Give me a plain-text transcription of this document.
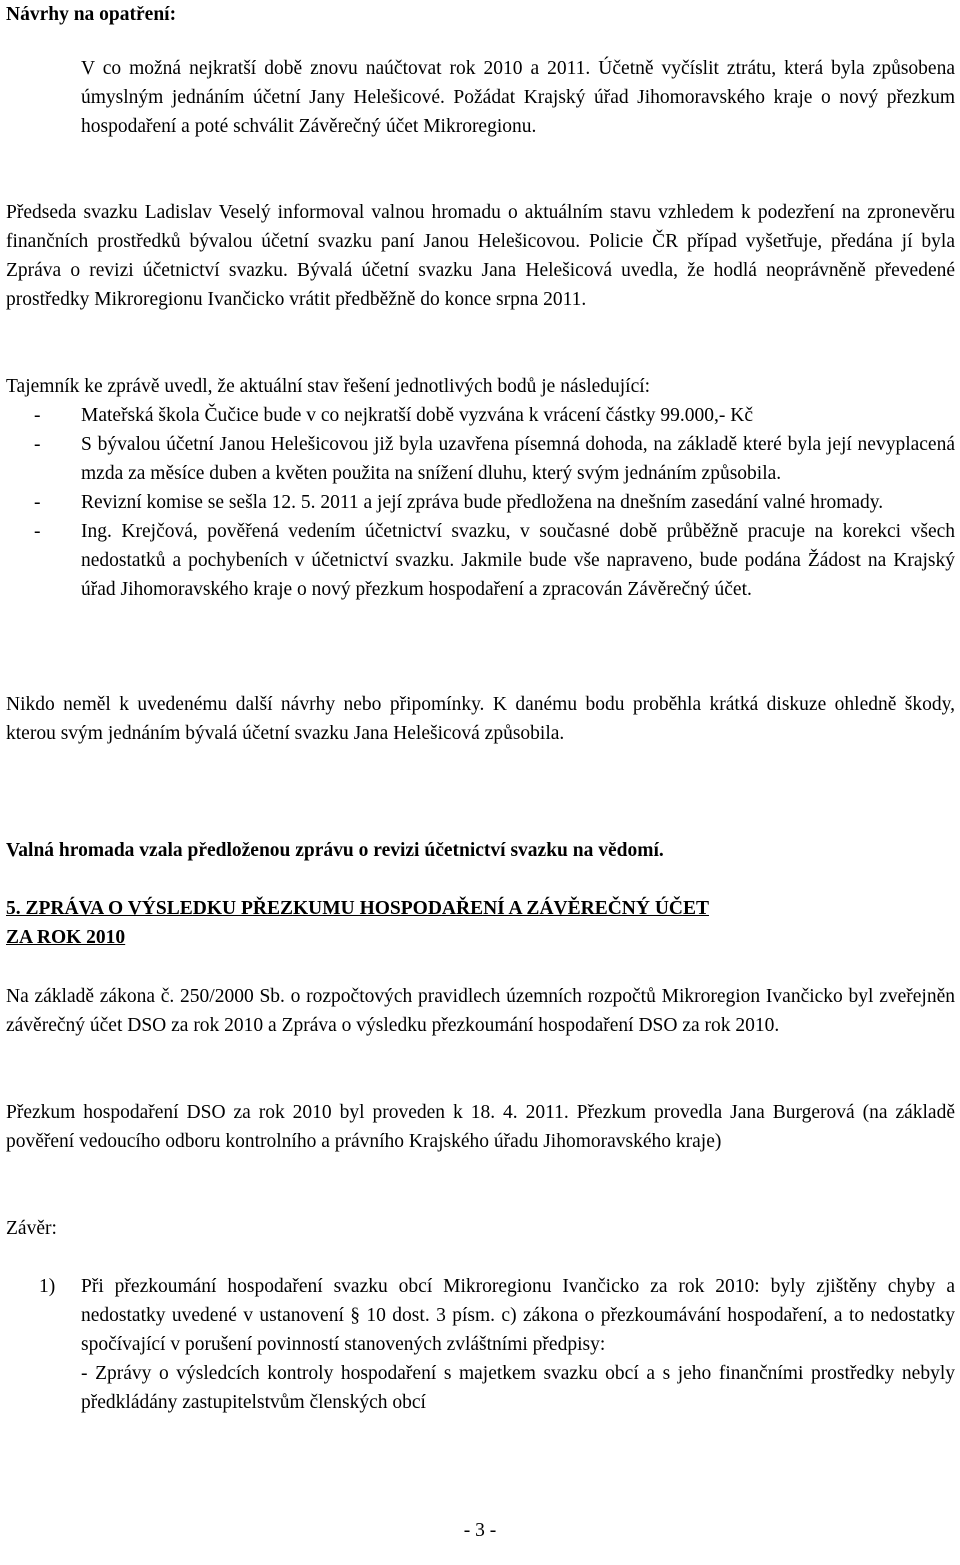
Návrhy na opatření:
V co možná nejkratší době znovu naúčtovat rok 2010 a 2011. Účetně vyčíslit ztrátu, která byla způsobena úmyslným jednáním účetní Jany Helešicové. Požádat Krajský úřad Jihomoravského kraje o nový přezkum hospodaření a poté schválit Závěrečný účet Mikroregionu.
Předseda svazku Ladislav Veselý informoval valnou hromadu o aktuálním stavu vzhledem k podezření na zpronevěru finančních prostředků bývalou účetní svazku paní Janou Helešicovou. Policie ČR případ vyšetřuje, předána jí byla Zpráva o revizi účetnictví svazku. Bývalá účetní svazku Jana Helešicová uvedla, že hodlá neoprávněně převedené prostředky Mikroregionu Ivančicko vrátit předběžně do konce srpna 2011.

Tajemník ke zprávě uvedl, že aktuální stav řešení jednotlivých bodů je následující:

- Mateřská škola Čučice bude v co nejkratší době vyzvána k vrácení částky 99.000,- Kč
- S bývalou účetní Janou Helešicovou již byla uzavřena písemná dohoda, na základě které byla její nevyplacená mzda za měsíce duben a květen použita na snížení dluhu, který svým jednáním způsobila.
- Revizní komise se sešla 12. 5. 2011 a její zpráva bude předložena na dnešním zasedání valné hromady.
- Ing. Krejčová, pověřená vedením účetnictví svazku, v současné době průběžně pracuje na korekci všech nedostatků a pochybeních v účetnictví svazku. Jakmile bude vše napraveno, bude podána Žádost na Krajský úřad Jihomoravského kraje o nový přezkum hospodaření a zpracován Závěrečný účet.
Nikdo neměl k uvedenému další návrhy nebo připomínky. K danému bodu proběhla krátká diskuze ohledně škody, kterou svým jednáním bývalá účetní svazku Jana Helešicová způsobila.
Valná hromada vzala předloženou zprávu o revizi účetnictví svazku na vědomí.

5. ZPRÁVA O VÝSLEDKU PŘEZKUMU HOSPODAŘENÍ A ZÁVĚREČNÝ ÚČET

ZA ROK 2010

Na základě zákona č. 250/2000 Sb. o rozpočtových pravidlech územních rozpočtů Mikroregion Ivančicko byl zveřejněn závěrečný účet DSO za rok 2010 a Zpráva o výsledku přezkoumání hospodaření DSO za rok 2010.
Přezkum hospodaření DSO za rok 2010 byl proveden k 18. 4. 2011. Přezkum provedla Jana Burgerová (na základě pověření vedoucího odboru kontrolního a právního Krajského úřadu Jihomoravského kraje)
Závěr:
1) Při přezkoumání hospodaření svazku obcí Mikroregionu Ivančicko za rok 2010: byly zjištěny chyby a nedostatky uvedené v ustanovení § 10 dost. 3 písm. c) zákona o přezkoumávání hospodaření, a to nedostatky spočívající v porušení povinností stanovených zvláštními předpisy:

- Zprávy o výsledcích kontroly hospodaření s majetkem svazku obcí a s jeho finančními prostředky nebyly předkládány zastupitelstvům členských obcí

- 3 -
